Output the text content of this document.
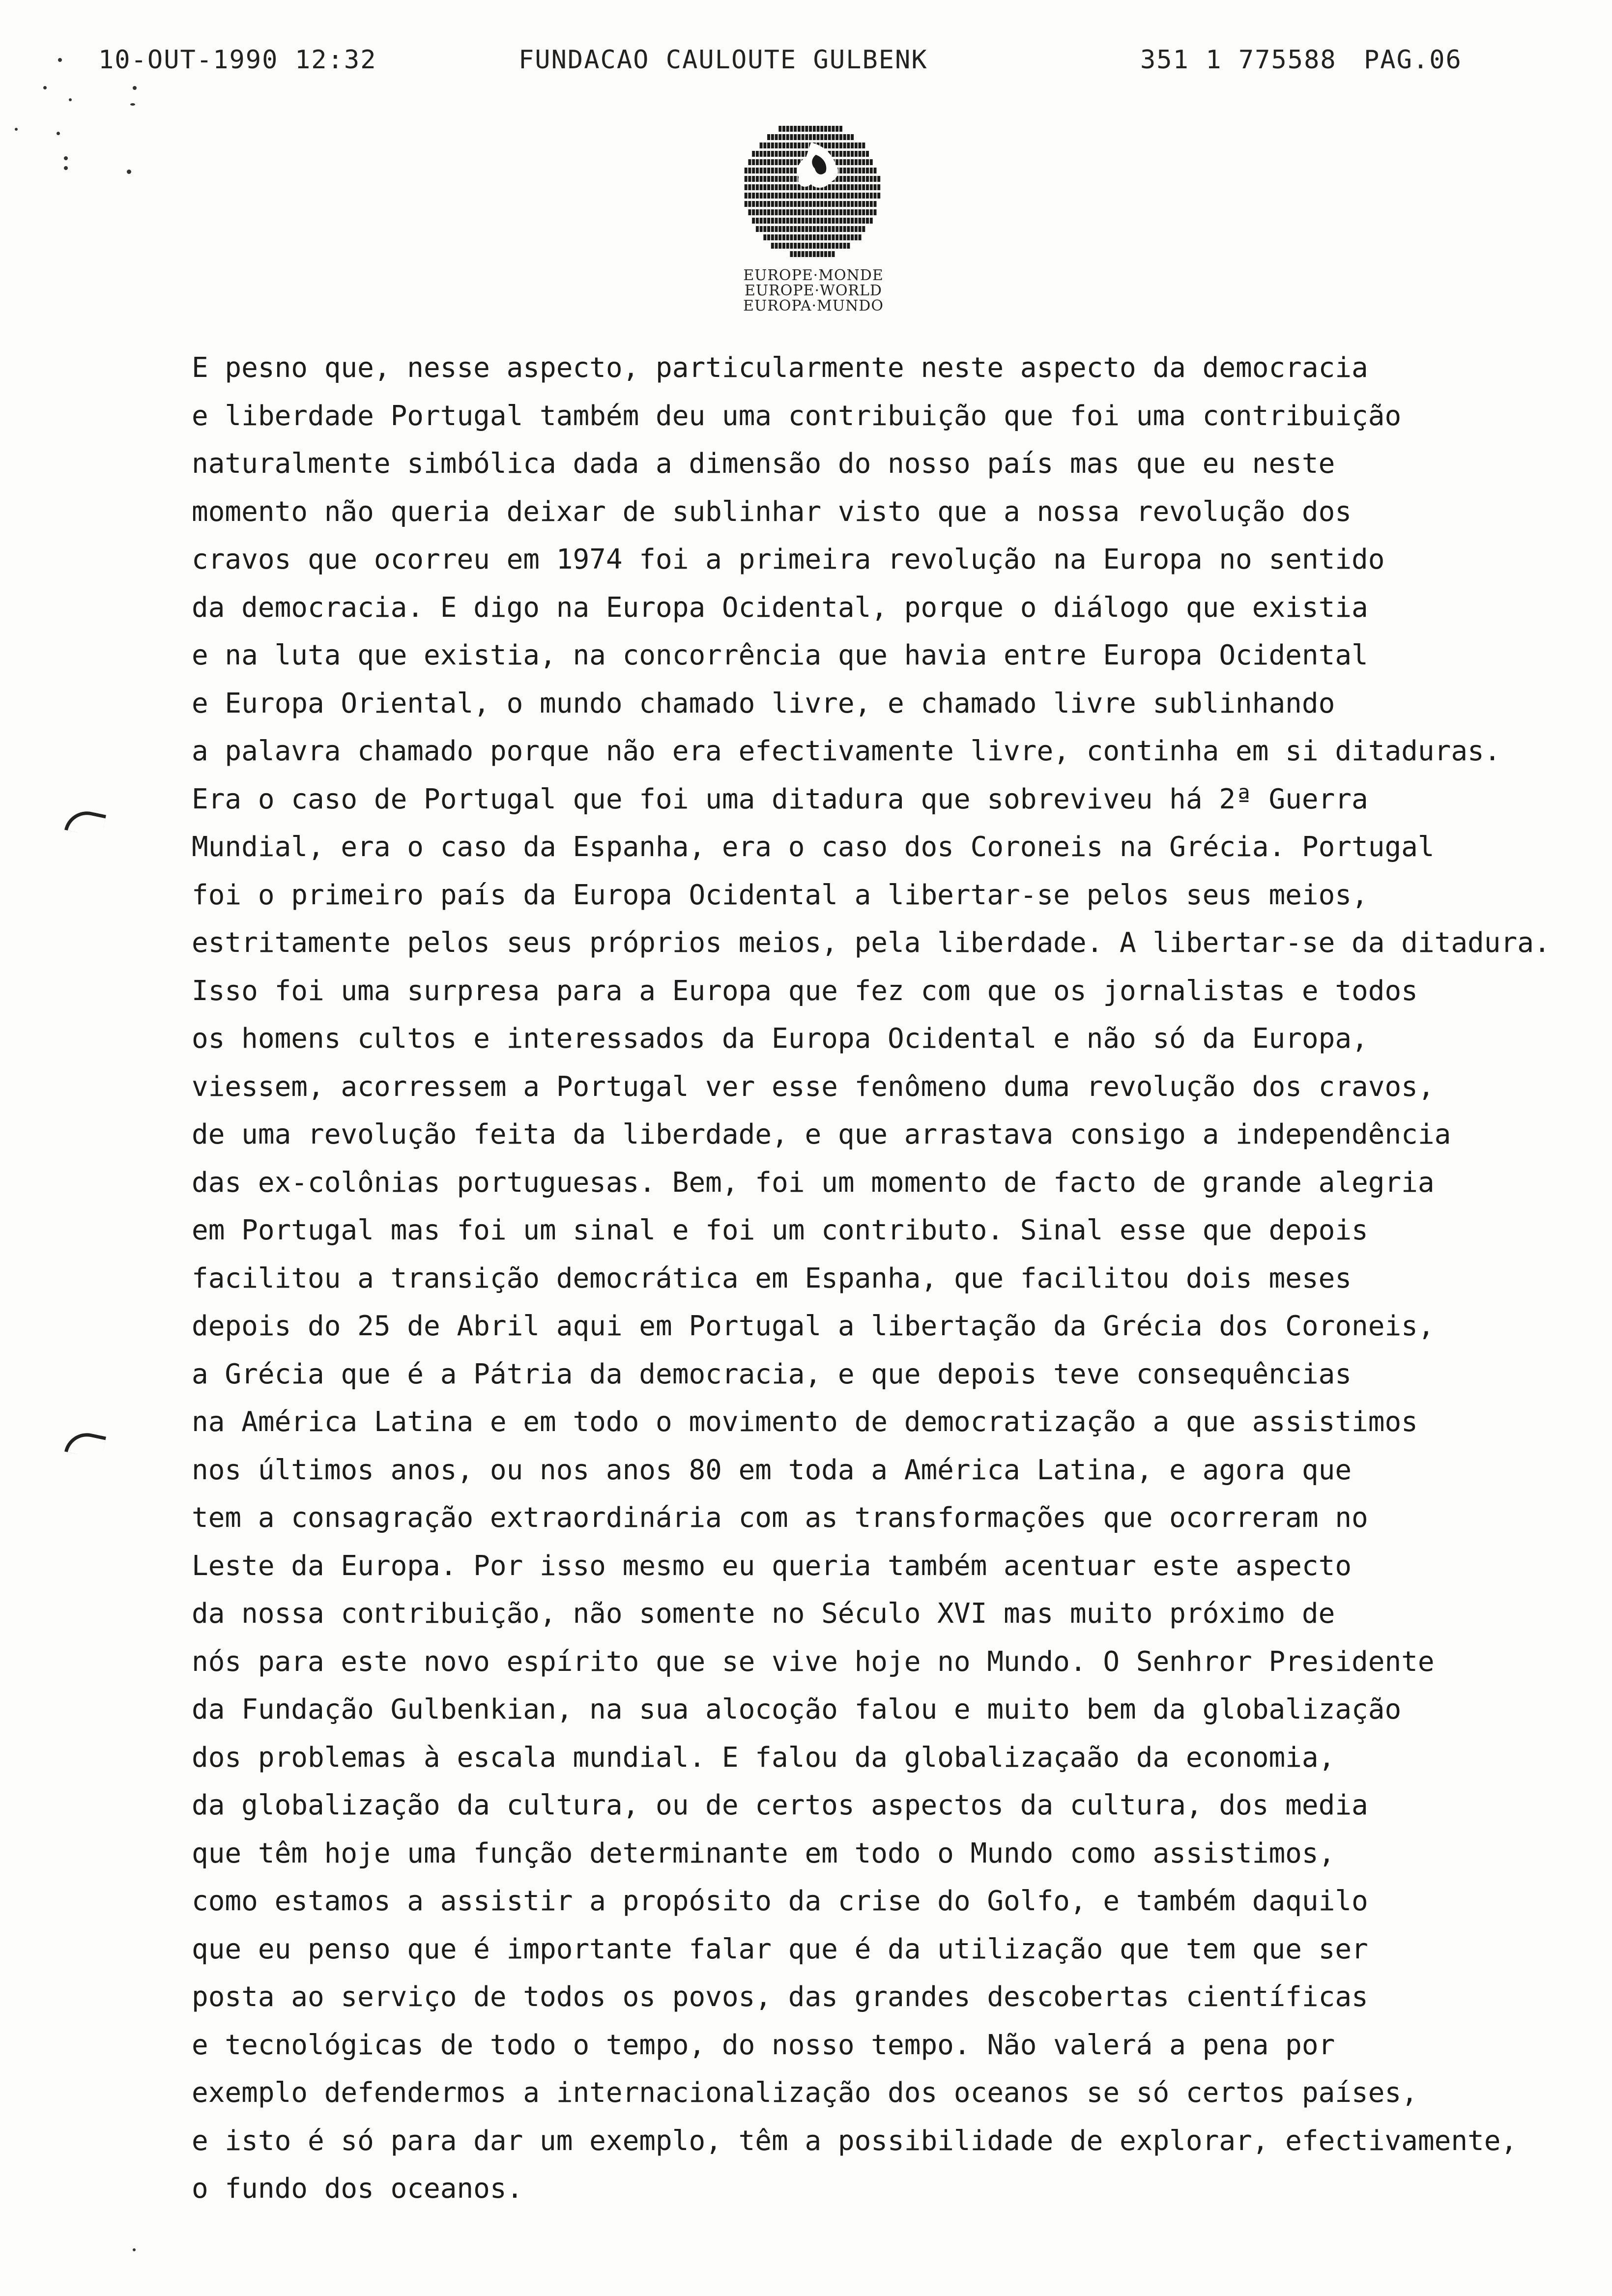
10-OUT-1990 12:32	FUNDACAO CAULOUTE GULBENK	351 1 775588 PAG.06
EUROPE·MONDE
EUROPE·WORLD
EUROPA·MUNDO
E pesno que, nesse aspecto, particularmente neste aspecto da democracia
e liberdade Portugal também deu uma contribuição que foi uma contribuição
naturalmente simbólica dada a dimensão do nosso país mas que eu neste
momento não queria deixar de sublinhar visto que a nossa revolução dos
cravos que ocorreu em 1974 foi a primeira revolução na Europa no sentido
da democracia. E digo na Europa Ocidental, porque o diálogo que existia
e na luta que existia, na concorrência que havia entre Europa Ocidental
e Europa Oriental, o mundo chamado livre, e chamado livre sublinhando
a palavra chamado porque não era efectivamente livre, continha em si ditaduras.
Era o caso de Portugal que foi uma ditadura que sobreviveu há 2ª Guerra
Mundial, era o caso da Espanha, era o caso dos Coroneis na Grécia. Portugal
foi o primeiro país da Europa Ocidental a libertar-se pelos seus meios,
estritamente pelos seus próprios meios, pela liberdade. A libertar-se da ditadura.
Isso foi uma surpresa para a Europa que fez com que os jornalistas e todos
os homens cultos e interessados da Europa Ocidental e não só da Europa,
viessem, acorressem a Portugal ver esse fenômeno duma revolução dos cravos,
de uma revolução feita da liberdade, e que arrastava consigo a independência
das ex-colônias portuguesas. Bem, foi um momento de facto de grande alegria
em Portugal mas foi um sinal e foi um contributo. Sinal esse que depois
facilitou a transição democrática em Espanha, que facilitou dois meses
depois do 25 de Abril aqui em Portugal a libertação da Grécia dos Coroneis,
a Grécia que é a Pátria da democracia, e que depois teve consequências
na América Latina e em todo o movimento de democratização a que assistimos
nos últimos anos, ou nos anos 80 em toda a América Latina, e agora que
tem a consagração extraordinária com as transformações que ocorreram no
Leste da Europa. Por isso mesmo eu queria também acentuar este aspecto
da nossa contribuição, não somente no Século XVI mas muito próximo de
nós para este novo espírito que se vive hoje no Mundo. O Senhror Presidente
da Fundação Gulbenkian, na sua alocoção falou e muito bem da globalização
dos problemas à escala mundial. E falou da globalizaçaão da economia,
da globalização da cultura, ou de certos aspectos da cultura, dos media
que têm hoje uma função determinante em todo o Mundo como assistimos,
como estamos a assistir a propósito da crise do Golfo, e também daquilo
que eu penso que é importante falar que é da utilização que tem que ser
posta ao serviço de todos os povos, das grandes descobertas científicas
e tecnológicas de todo o tempo, do nosso tempo. Não valerá a pena por
exemplo defendermos a internacionalização dos oceanos se só certos países,
e isto é só para dar um exemplo, têm a possibilidade de explorar, efectivamente,
o fundo dos oceanos.
